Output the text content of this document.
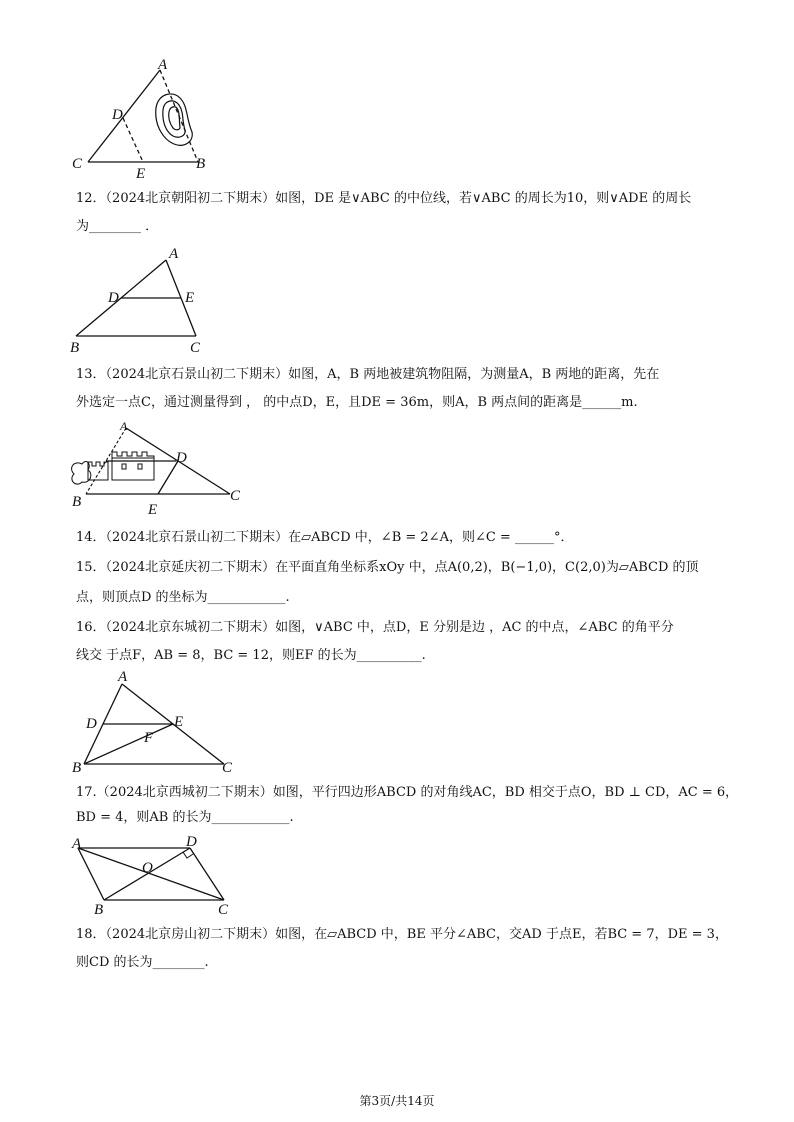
A
D
C
E
B
12．（2024北京朝阳初二下期末）如图，DE 是∨ABC 的中位线，若∨ABC 的周长为10，则∨ADE 的周长
为________ ．
A
D	E
B	C
13．（2024北京石景山初二下期末）如图，A，B 两地被建筑物阻隔，为测量A，B 两地的距离，先在
外选定一点C，通过测量得到 ， 的中点D，E，且DE = 36m，则A，B 两点间的距离是______m.
A
D
B	C
E
14．（2024北京石景山初二下期末）在▱ABCD 中，∠B = 2∠A，则∠C = ______°．
15．（2024北京延庆初二下期末）在平面直角坐标系xOy 中，点A(0,2)，B(−1,0)，C(2,0)为▱ABCD 的顶
点，则顶点D 的坐标为____________.
16．（2024北京东城初二下期末）如图，∨ABC 中，点D，E 分别是边 ，AC 的中点，∠ABC 的角平分
线交 于点F，AB = 8，BC = 12，则EF 的长为__________.
A
D	E
F
B	C
17.（2024北京西城初二下期末）如图，平行四边形ABCD 的对角线AC，BD 相交于点O，BD ⊥ CD，AC = 6，
BD = 4，则AB 的长为____________.
A	D
O
B	C
18．（2024北京房山初二下期末）如图，在▱ABCD 中，BE 平分∠ABC，交AD 于点E，若BC = 7，DE = 3，
则CD 的长为________.
第3页/共14页
